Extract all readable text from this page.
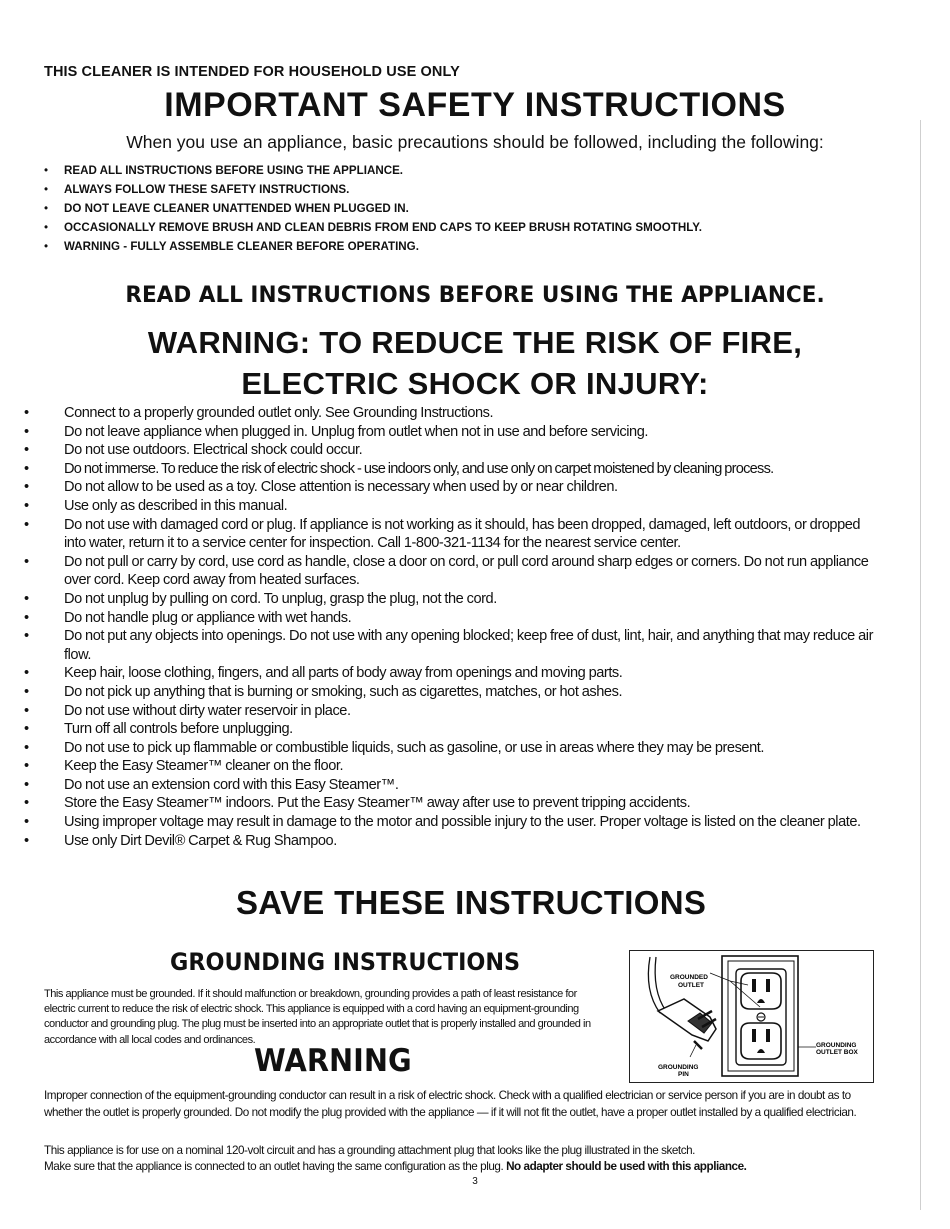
THIS CLEANER IS INTENDED FOR HOUSEHOLD USE ONLY
IMPORTANT SAFETY INSTRUCTIONS
When you use an appliance, basic precautions should be followed, including the following:
• READ ALL INSTRUCTIONS BEFORE USING THE APPLIANCE.
• ALWAYS FOLLOW THESE SAFETY INSTRUCTIONS.
• DO NOT LEAVE CLEANER UNATTENDED WHEN PLUGGED IN.
• OCCASIONALLY REMOVE BRUSH AND CLEAN DEBRIS FROM END CAPS TO KEEP BRUSH ROTATING SMOOTHLY.
• WARNING - FULLY ASSEMBLE CLEANER BEFORE OPERATING.
READ ALL INSTRUCTIONS BEFORE USING THE APPLIANCE.
WARNING: TO REDUCE THE RISK OF FIRE,
ELECTRIC SHOCK OR INJURY:
• Connect to a properly grounded outlet only. See Grounding Instructions.
• Do not leave appliance when plugged in. Unplug from outlet when not in use and before servicing.
• Do not use outdoors. Electrical shock could occur.
• Do not immerse. To reduce the risk of electric shock - use indoors only, and use only on carpet moistened by cleaning process.
• Do not allow to be used as a toy. Close attention is necessary when used by or near children.
• Use only as described in this manual.
• Do not use with damaged cord or plug. If appliance is not working as it should, has been dropped, damaged, left outdoors, or dropped into water, return it to a service center for inspection. Call 1-800-321-1134 for the nearest service center.
• Do not pull or carry by cord, use cord as handle, close a door on cord, or pull cord around sharp edges or corners. Do not run appliance over cord. Keep cord away from heated surfaces.
• Do not unplug by pulling on cord. To unplug, grasp the plug, not the cord.
• Do not handle plug or appliance with wet hands.
• Do not put any objects into openings. Do not use with any opening blocked; keep free of dust, lint, hair, and anything that may reduce air flow.
• Keep hair, loose clothing, fingers, and all parts of body away from openings and moving parts.
• Do not pick up anything that is burning or smoking, such as cigarettes, matches, or hot ashes.
• Do not use without dirty water reservoir in place.
• Turn off all controls before unplugging.
• Do not use to pick up flammable or combustible liquids, such as gasoline, or use in areas where they may be present.
• Keep the Easy Steamer™ cleaner on the floor.
• Do not use an extension cord with this Easy Steamer™.
• Store the Easy Steamer™ indoors. Put the Easy Steamer™ away after use to prevent tripping accidents.
• Using improper voltage may result in damage to the motor and possible injury to the user. Proper voltage is listed on the cleaner plate.
• Use only Dirt Devil® Carpet & Rug Shampoo.
SAVE THESE INSTRUCTIONS
GROUNDING INSTRUCTIONS
This appliance must be grounded. If it should malfunction or breakdown, grounding provides a path of least resistance for electric current to reduce the risk of electric shock. This appliance is equipped with a cord having an equipment-grounding conductor and grounding plug. The plug must be inserted into an appropriate outlet that is properly installed and grounded in accordance with all local codes and ordinances.
WARNING
GROUNDED
OUTLET
GROUNDING
OUTLET BOX
GROUNDING
PIN
Improper connection of the equipment-grounding conductor can result in a risk of electric shock. Check with a qualified electrician or service person if you are in doubt as to whether the outlet is properly grounded. Do not modify the plug provided with the appliance — if it will not fit the outlet, have a proper outlet installed by a qualified electrician.
This appliance is for use on a nominal 120-volt circuit and has a grounding attachment plug that looks like the plug illustrated in the sketch.
Make sure that the appliance is connected to an outlet having the same configuration as the plug. No adapter should be used with this appliance.
3
